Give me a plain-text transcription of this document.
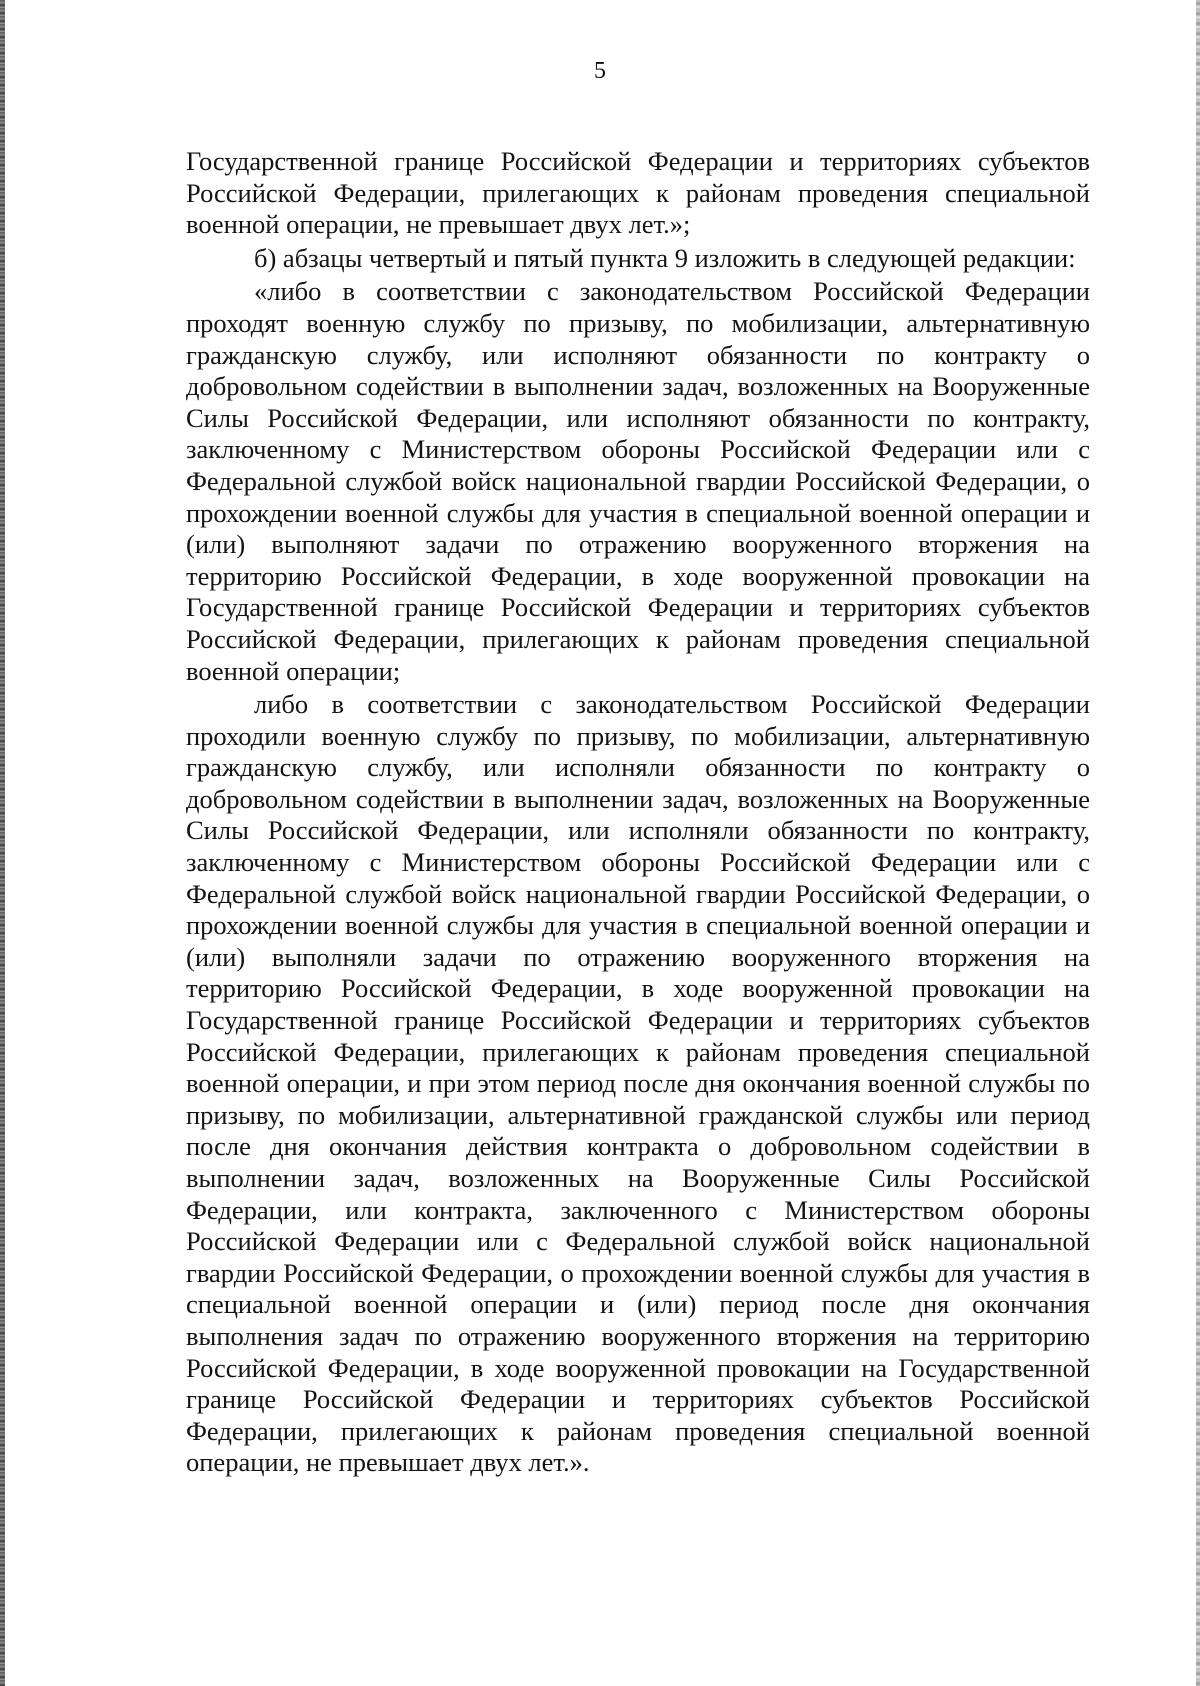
5

Государственной границе Российской Федерации и территориях субъектов Российской Федерации, прилегающих к районам проведения специальной военной операции, не превышает двух лет.»;

б) абзацы четвертый и пятый пункта 9 изложить в следующей редакции:

«либо в соответствии с законодательством Российской Федерации проходят военную службу по призыву, по мобилизации, альтернативную гражданскую службу, или исполняют обязанности по контракту о добровольном содействии в выполнении задач, возложенных на Вооруженные Силы Российской Федерации, или исполняют обязанности по контракту, заключенному с Министерством обороны Российской Федерации или с Федеральной службой войск национальной гвардии Российской Федерации, о прохождении военной службы для участия в специальной военной операции и (или) выполняют задачи по отражению вооруженного вторжения на территорию Российской Федерации, в ходе вооруженной провокации на Государственной границе Российской Федерации и территориях субъектов Российской Федерации, прилегающих к районам проведения специальной военной операции;

либо в соответствии с законодательством Российской Федерации проходили военную службу по призыву, по мобилизации, альтернативную гражданскую службу, или исполняли обязанности по контракту о добровольном содействии в выполнении задач, возложенных на Вооруженные Силы Российской Федерации, или исполняли обязанности по контракту, заключенному с Министерством обороны Российской Федерации или с Федеральной службой войск национальной гвардии Российской Федерации, о прохождении военной службы для участия в специальной военной операции и (или) выполняли задачи по отражению вооруженного вторжения на территорию Российской Федерации, в ходе вооруженной провокации на Государственной границе Российской Федерации и территориях субъектов Российской Федерации, прилегающих к районам проведения специальной военной операции, и при этом период после дня окончания военной службы по призыву, по мобилизации, альтернативной гражданской службы или период после дня окончания действия контракта о добровольном содействии в выполнении задач, возложенных на Вооруженные Силы Российской Федерации, или контракта, заключенного с Министерством обороны Российской Федерации или с Федеральной службой войск национальной гвардии Российской Федерации, о прохождении военной службы для участия в специальной военной операции и (или) период после дня окончания выполнения задач по отражению вооруженного вторжения на территорию Российской Федерации, в ходе вооруженной провокации на Государственной границе Российской Федерации и территориях субъектов Российской Федерации, прилегающих к районам проведения специальной военной операции, не превышает двух лет.».
